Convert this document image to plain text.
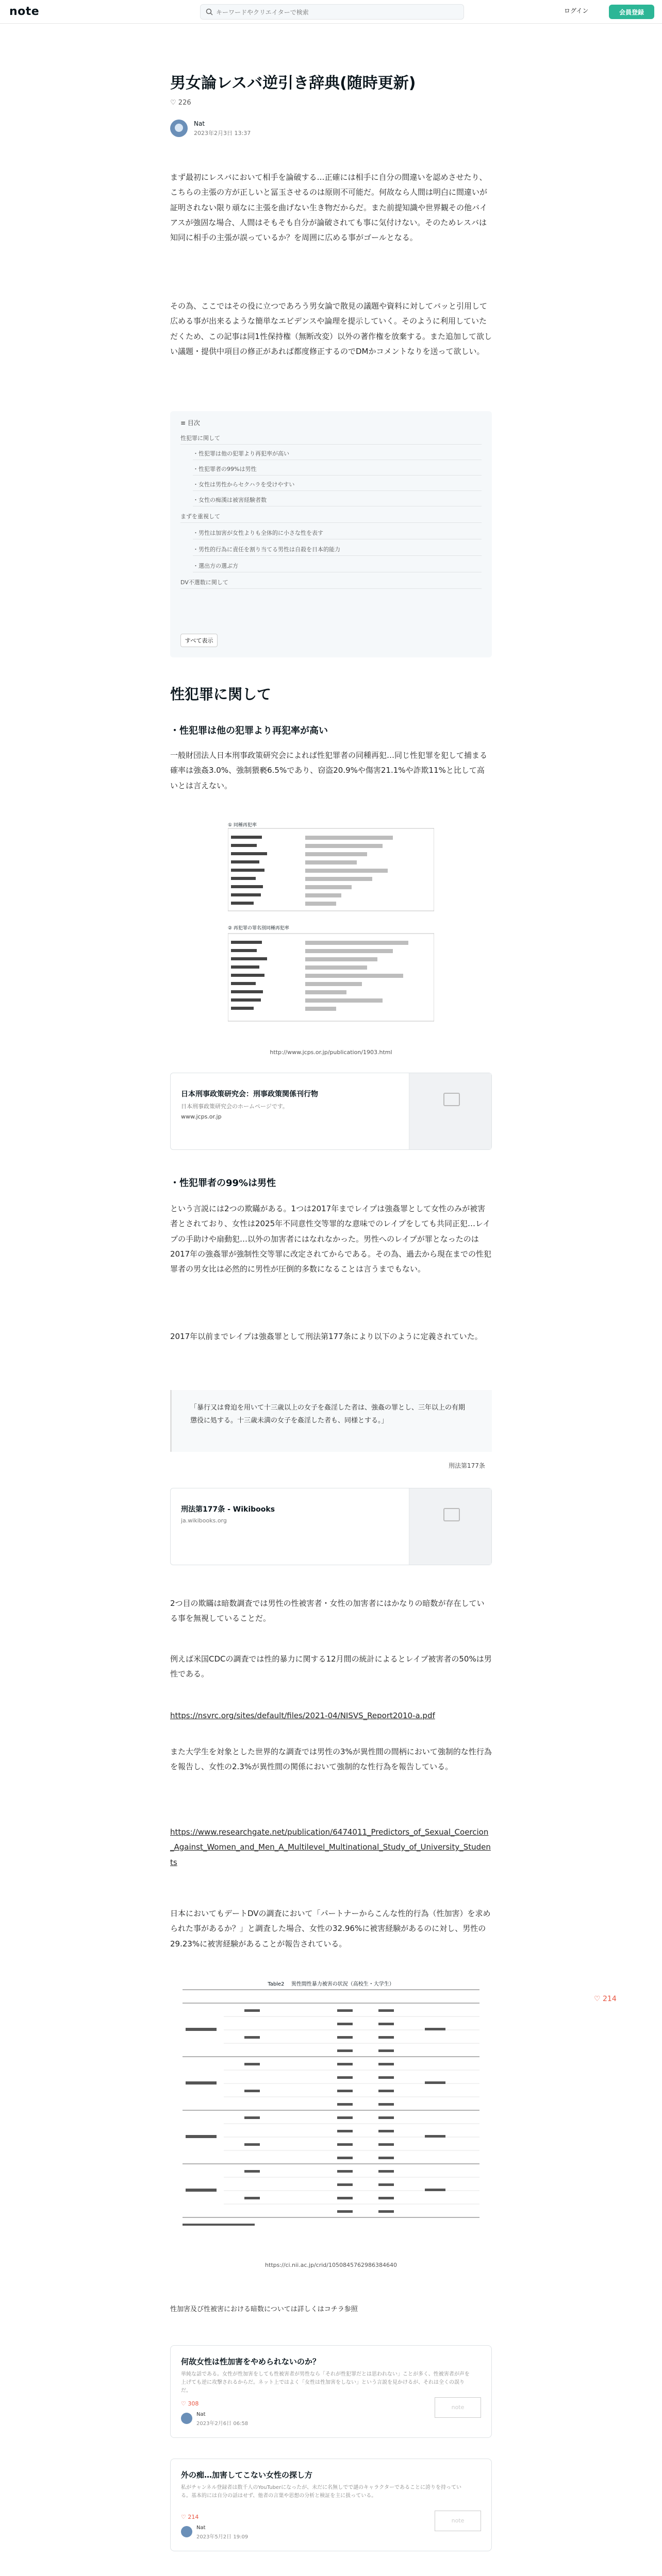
note
キーワードやクリエイターで検索	ログイン	会員登録
♡ 214
男女論レスバ逆引き辞典(随時更新)
♡ 226
Nat
2023年2月3日 13:37

まず最初にレスバにおいて相手を論破する…正確には相手に自分の間違いを認めさせたり、こちらの主張の方が正しいと冨玉させるのは原則不可能だ。何故なら人間は明白に間違いが証明されない限り頑なに主張を曲げない生き物だからだ。また前提知識や世界観その他バイアスが強固な場合、人間はそもそも自分が論破されても事に気付けない。そのためレスバは知同に相手の主張が誤っているか？を周囲に広める事がゴールとなる。

その為、ここではその役に立つであろう男女論で散見の議題や資料に対してバッと引用して広める事が出来るような簡単なエビデンスや論理を提示していく。そのように利用していただくため、この記事は同1性保持権（無断改変）以外の著作権を放棄する。また追加して欲しい議題・提供中項目の修正があれば都度修正するのでDMかコメントなりを送って欲しい。

≡ 目次
性犯罪に関して
・性犯罪は他の犯罪より再犯率が高い
・性犯罪者の99%は男性
・女性は男性からセクハラを受けやすい
・女性の痴漢は被害経験者数
まずを重視して
・男性は加害が女性よりも全体的に小さな性を表す
・男性的行為に責任を割り当てる男性は自殺を日本的能力
・選出方の選ぶ方
DV不選数に関して
すべて表示
性犯罪に関して
・性犯罪は他の犯罪より再犯率が高い

一般財団法人日本刑事政策研究会によれば性犯罪者の同種再犯…同じ性犯罪を犯して捕まる確率は強姦3.0%、強制猥褻6.5%であり、窃盗20.9%や傷害21.1%や詐欺11%と比して高いとは言えない。

① 同種再犯率
② 再犯罪の罪名別同種再犯率
http://www.jcps.or.jp/publication/1903.html
日本刑事政策研究会：刑事政策関係刊行物
日本刑事政策研究会のホームページです。
www.jcps.or.jp
・性犯罪者の99%は男性

という言説には2つの欺瞞がある。1つは2017年までレイプは強姦罪として女性のみが被害者とされており、女性は2025年不同意性交等罪的な意味でのレイプをしても共同正犯…レイプの手助けや扇動犯…以外の加害者にはなれなかった。男性へのレイプが罪となったのは2017年の強姦罪が強制性交等罪に改定されてからである。その為、過去から現在までの性犯罪者の男女比は必然的に男性が圧倒的多数になることは言うまでもない。

2017年以前までレイプは強姦罪として刑法第177条により以下のように定義されていた。

「暴行又は脅迫を用いて十三歳以上の女子を姦淫した者は、強姦の罪とし、三年以上の有期懲役に処する。十三歳未満の女子を姦淫した者も、同様とする。」

刑法第177条
刑法第177条 - Wikibooks
ja.wikibooks.org

2つ目の欺瞞は暗数調査では男性の性被害者・女性の加害者にはかなりの暗数が存在している事を無視していることだ。

例えば米国CDCの調査では性的暴力に関する12月間の統計によるとレイプ被害者の50%は男性である。

https://nsvrc.org/sites/default/files/2021-04/NISVS_Report2010-a.pdf

また大学生を対象とした世界的な調査では男性の3%が異性間の間柄において強制的な性行為を報告し、女性の2.3%が異性間の関係において強制的な性行為を報告している。

https://www.researchgate.net/publication/6474011_Predictors_of_Sexual_Coercion_Against_Women_and_Men_A_Multilevel_Multinational_Study_of_University_Students

日本においてもデートDVの調査において「パートナーからこんな性的行為（性加害）を求められた事があるか？」と調査した場合、女性の32.96%に被害経験があるのに対し、男性の29.23%に被害経験があることが報告されている。

Table2 　異性間性暴力被害の状況（高校生・大学生）
https://ci.nii.ac.jp/crid/1050845762986384640

性加害及び性被害における暗数については詳しくはコチラ参照

何故女性は性加害をやめられないのか？
単純な話である。女性が性加害をしても性被害者が男性なら「それが性犯罪だとは思われない」ことが多く、性被害者が声を上げても逆に攻撃されるからだ。ネット上ではよく「女性は性加害をしない」という言説を見かけるが、それは全くの誤りだ。
♡ 308
Nat
2023年2月6日 06:58
note
外の痴…加害してこない女性の探し方
私がチャンネル登録者は数千人のYouTuberになったが、未だに名無しでで謎のキャラクターであることに誇りを持っている。基本的には自分の話はせず、他者の言葉や思想の分析と検証を主に扱っている。
♡ 214
Nat
2023年5月2日 19:09
note
